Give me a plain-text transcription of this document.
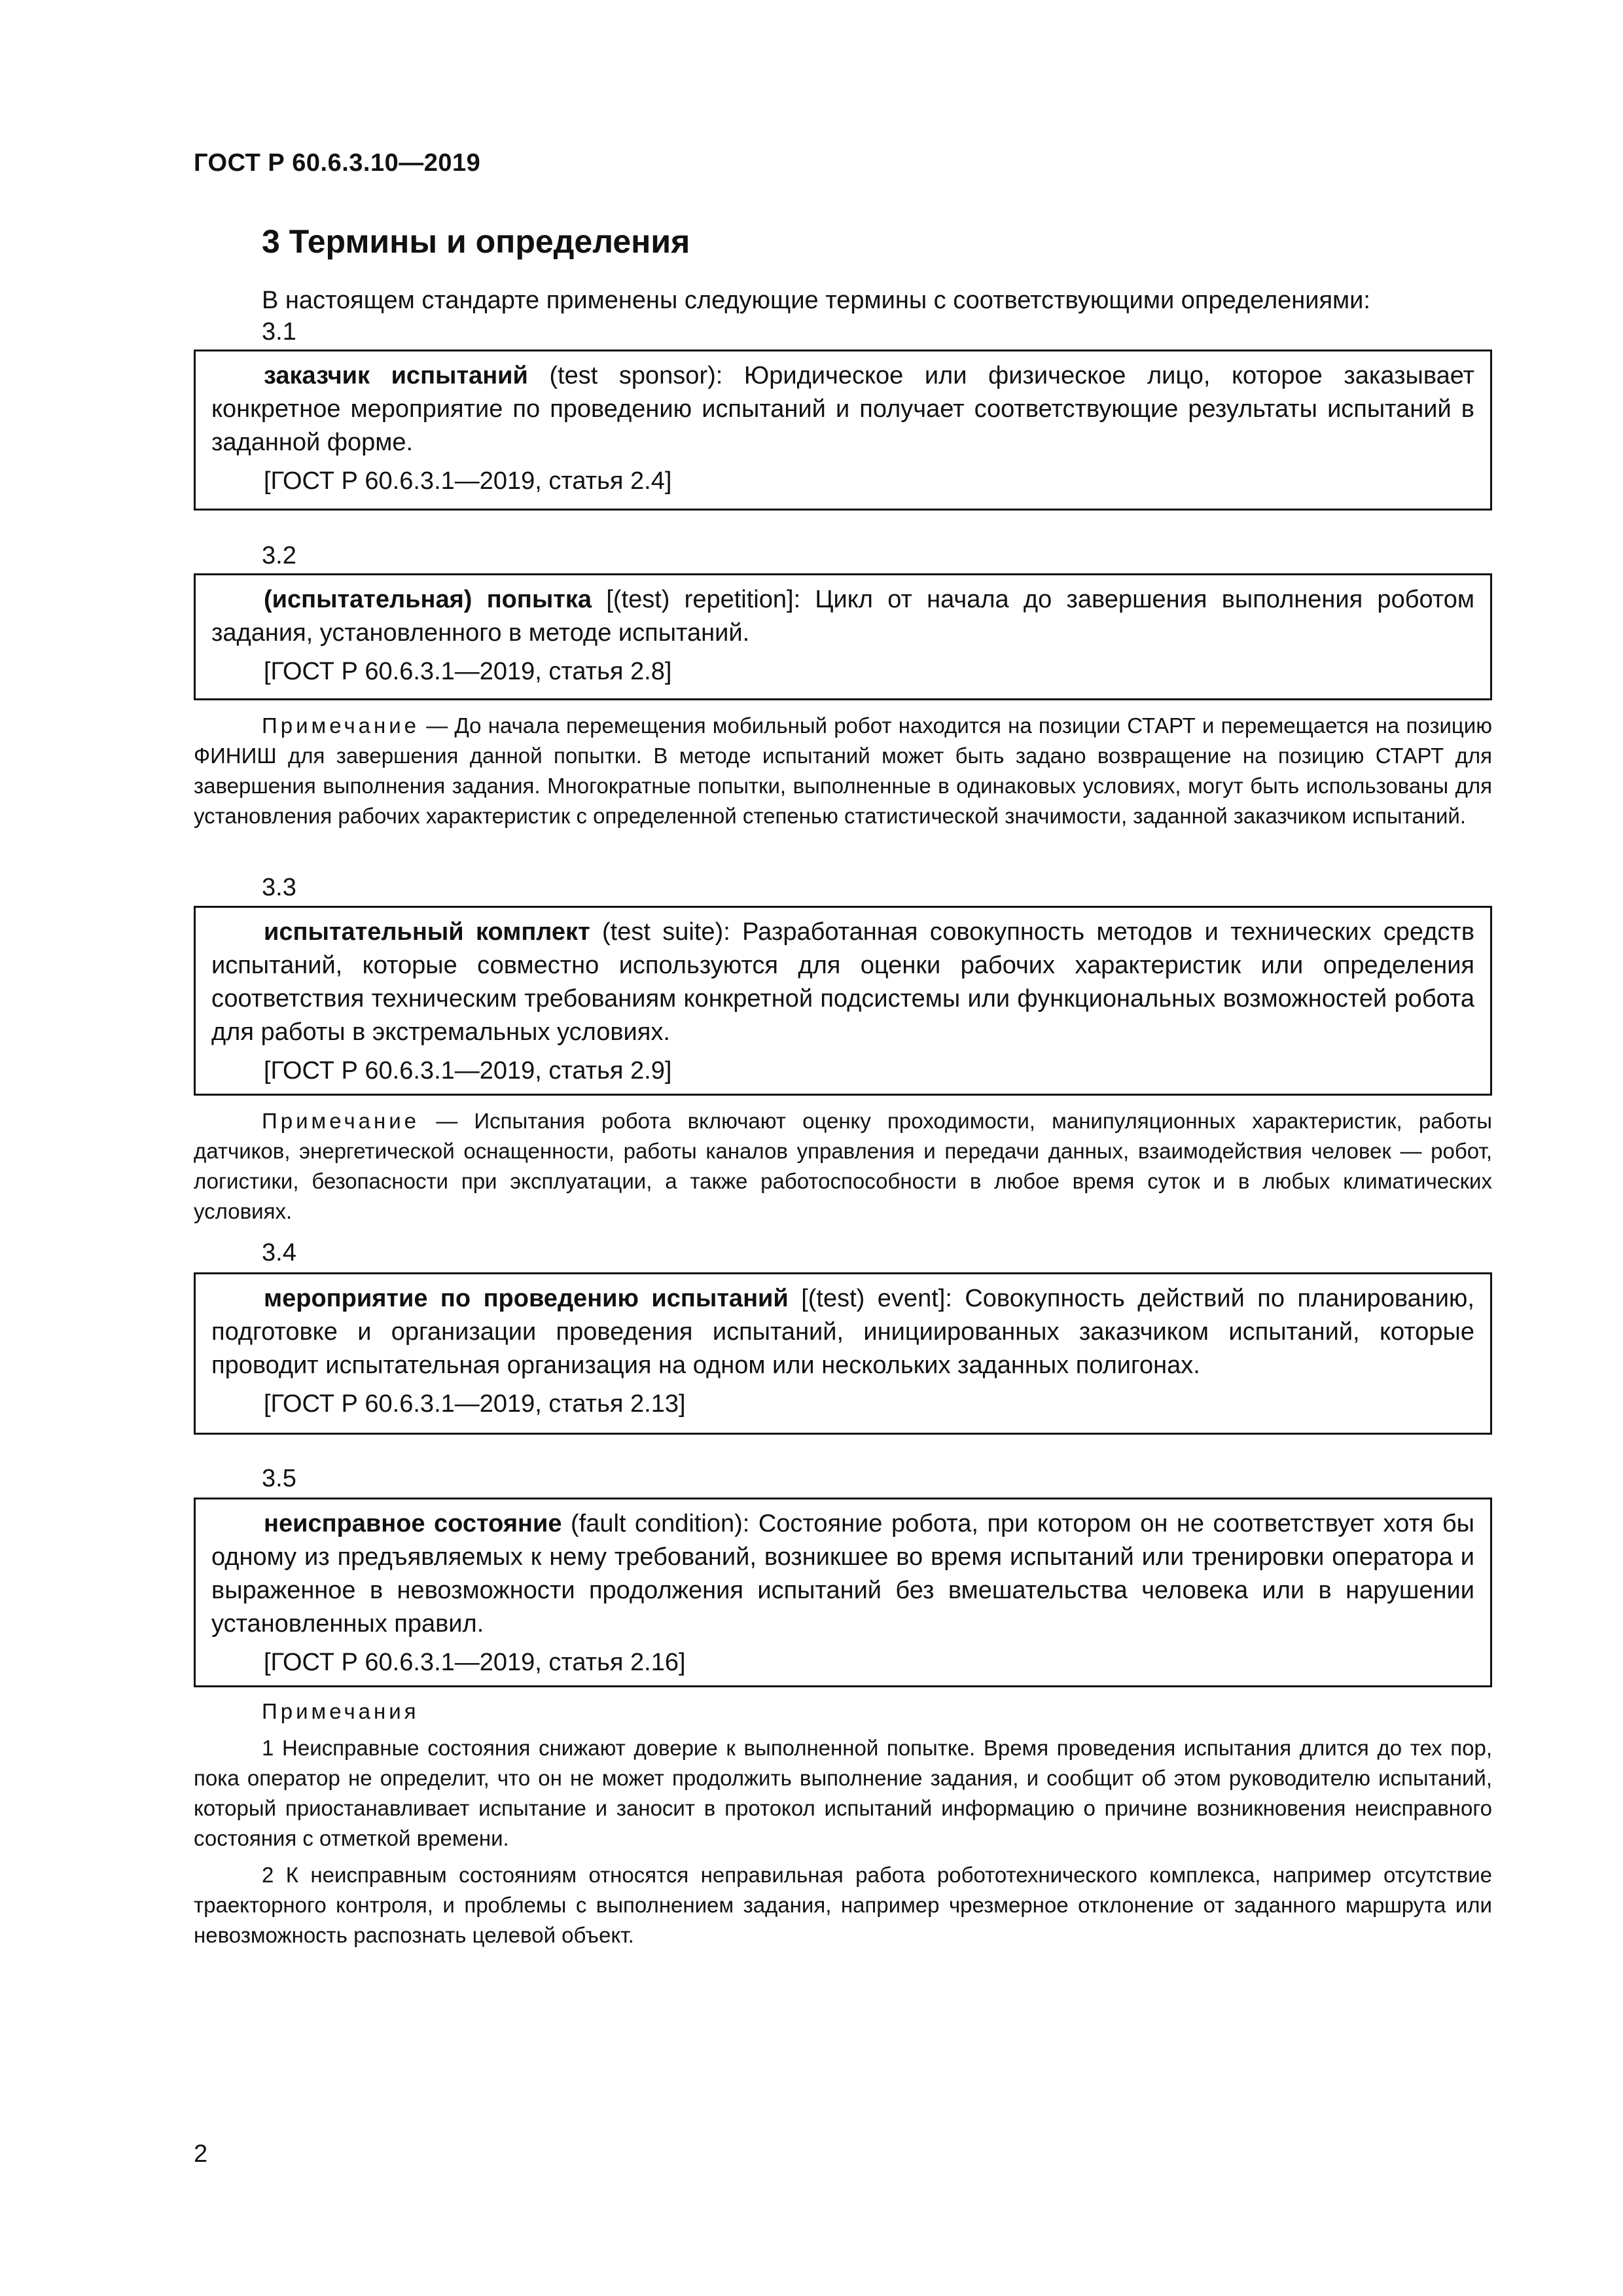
ГОСТ Р 60.6.3.10—2019
3 Термины и определения
В настоящем стандарте применены следующие термины с соответствующими определениями:
3.1

заказчик испытаний (test sponsor): Юридическое или физическое лицо, которое заказывает конкретное мероприятие по проведению испытаний и получает соответствующие результаты испытаний в заданной форме.

[ГОСТ Р 60.6.3.1—2019, статья 2.4]

3.2

(испытательная) попытка [(test) repetition]: Цикл от начала до завершения выполнения роботом задания, установленного в методе испытаний.

[ГОСТ Р 60.6.3.1—2019, статья 2.8]

Примечание — До начала перемещения мобильный робот находится на позиции СТАРТ и перемещается на позицию ФИНИШ для завершения данной попытки. В методе испытаний может быть задано возвращение на позицию СТАРТ для завершения выполнения задания. Многократные попытки, выполненные в одинаковых условиях, могут быть использованы для установления рабочих характеристик с определенной степенью статистической значимости, заданной заказчиком испытаний.

3.3

испытательный комплект (test suite): Разработанная совокупность методов и технических средств испытаний, которые совместно используются для оценки рабочих характеристик или определения соответствия техническим требованиям конкретной подсистемы или функциональных возможностей робота для работы в экстремальных условиях.

[ГОСТ Р 60.6.3.1—2019, статья 2.9]

Примечание — Испытания робота включают оценку проходимости, манипуляционных характеристик, работы датчиков, энергетической оснащенности, работы каналов управления и передачи данных, взаимодействия человек — робот, логистики, безопасности при эксплуатации, а также работоспособности в любое время суток и в любых климатических условиях.

3.4

мероприятие по проведению испытаний [(test) event]: Совокупность действий по планированию, подготовке и организации проведения испытаний, инициированных заказчиком испытаний, которые проводит испытательная организация на одном или нескольких заданных полигонах.

[ГОСТ Р 60.6.3.1—2019, статья 2.13]

3.5

неисправное состояние (fault condition): Состояние робота, при котором он не соответствует хотя бы одному из предъявляемых к нему требований, возникшее во время испытаний или тренировки оператора и выраженное в невозможности продолжения испытаний без вмешательства человека или в нарушении установленных правил.

[ГОСТ Р 60.6.3.1—2019, статья 2.16]

Примечания

1 Неисправные состояния снижают доверие к выполненной попытке. Время проведения испытания длится до тех пор, пока оператор не определит, что он не может продолжить выполнение задания, и сообщит об этом руководителю испытаний, который приостанавливает испытание и заносит в протокол испытаний информацию о причине возникновения неисправного состояния с отметкой времени.

2 К неисправным состояниям относятся неправильная работа робототехнического комплекса, например отсутствие траекторного контроля, и проблемы с выполнением задания, например чрезмерное отклонение от заданного маршрута или невозможность распознать целевой объект.

2
